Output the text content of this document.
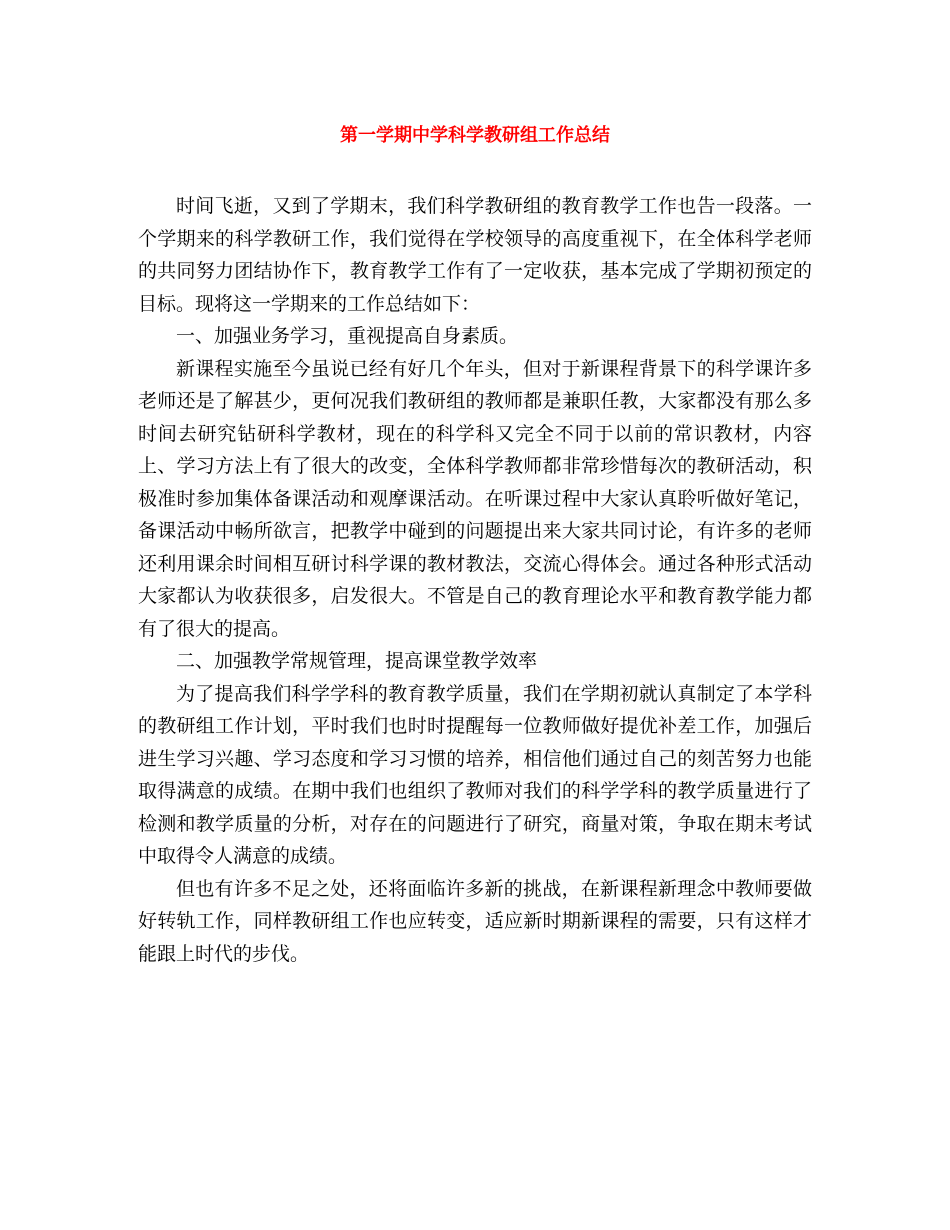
第一学期中学科学教研组工作总结

时间飞逝，又到了学期末，我们科学教研组的教育教学工作也告一段落。一个学期来的科学教研工作，我们觉得在学校领导的高度重视下，在全体科学老师的共同努力团结协作下，教育教学工作有了一定收获，基本完成了学期初预定的目标。现将这一学期来的工作总结如下：

一、加强业务学习，重视提高自身素质。

新课程实施至今虽说已经有好几个年头，但对于新课程背景下的科学课许多老师还是了解甚少，更何况我们教研组的教师都是兼职任教，大家都没有那么多时间去研究钻研科学教材，现在的科学科又完全不同于以前的常识教材，内容上、学习方法上有了很大的改变，全体科学教师都非常珍惜每次的教研活动，积极准时参加集体备课活动和观摩课活动。在听课过程中大家认真聆听做好笔记，备课活动中畅所欲言，把教学中碰到的问题提出来大家共同讨论，有许多的老师还利用课余时间相互研讨科学课的教材教法，交流心得体会。通过各种形式活动大家都认为收获很多，启发很大。不管是自己的教育理论水平和教育教学能力都有了很大的提高。

二、加强教学常规管理，提高课堂教学效率

为了提高我们科学学科的教育教学质量，我们在学期初就认真制定了本学科的教研组工作计划，平时我们也时时提醒每一位教师做好提优补差工作，加强后进生学习兴趣、学习态度和学习习惯的培养，相信他们通过自己的刻苦努力也能取得满意的成绩。在期中我们也组织了教师对我们的科学学科的教学质量进行了检测和教学质量的分析，对存在的问题进行了研究，商量对策，争取在期末考试中取得令人满意的成绩。

但也有许多不足之处，还将面临许多新的挑战，在新课程新理念中教师要做好转轨工作，同样教研组工作也应转变，适应新时期新课程的需要，只有这样才能跟上时代的步伐。
